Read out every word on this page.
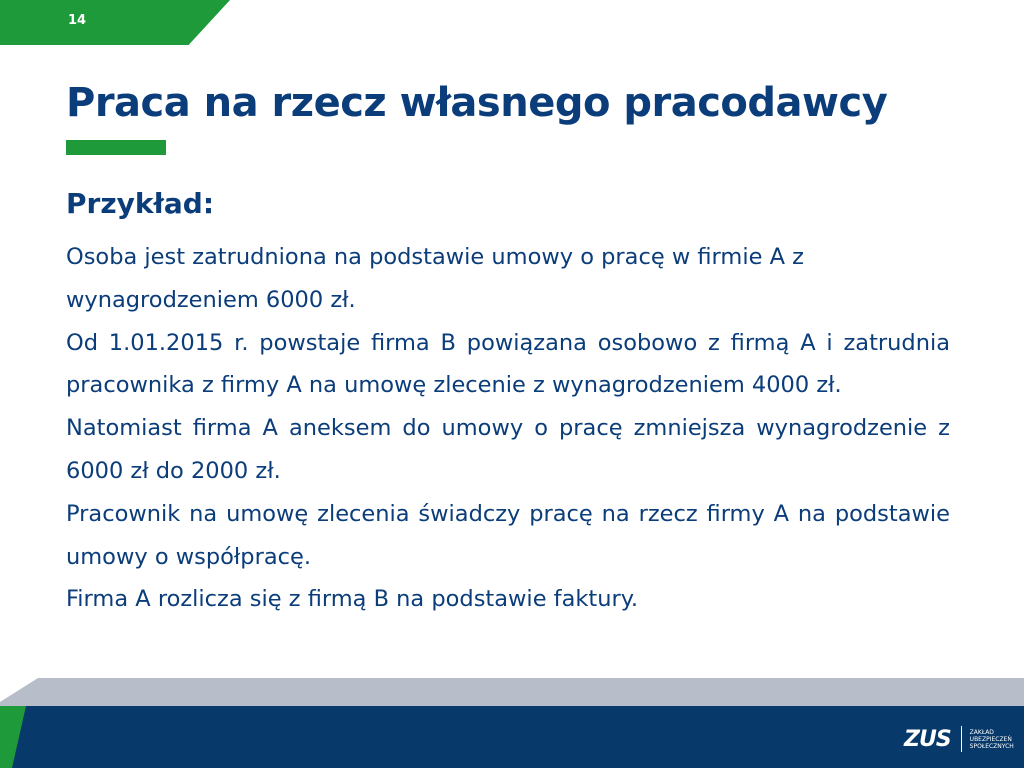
14
Praca na rzecz własnego pracodawcy
Przykład:

Osoba jest zatrudniona na podstawie umowy o pracę w firmie A z wynagrodzeniem 6000 zł.

Od 1.01.2015 r. powstaje firma B powiązana osobowo z firmą A i zatrudnia pracownika z firmy A na umowę zlecenie z wynagrodzeniem 4000 zł.

Natomiast firma A aneksem do umowy o pracę zmniejsza wynagrodzenie z 6000 zł do 2000 zł.

Pracownik na umowę zlecenia świadczy pracę na rzecz firmy A na podstawie umowy o współpracę.

Firma A rozlicza się z firmą B na podstawie faktury.

ZUS	ZAKŁAD
UBEZPIECZEŃ
SPOŁECZNYCH
